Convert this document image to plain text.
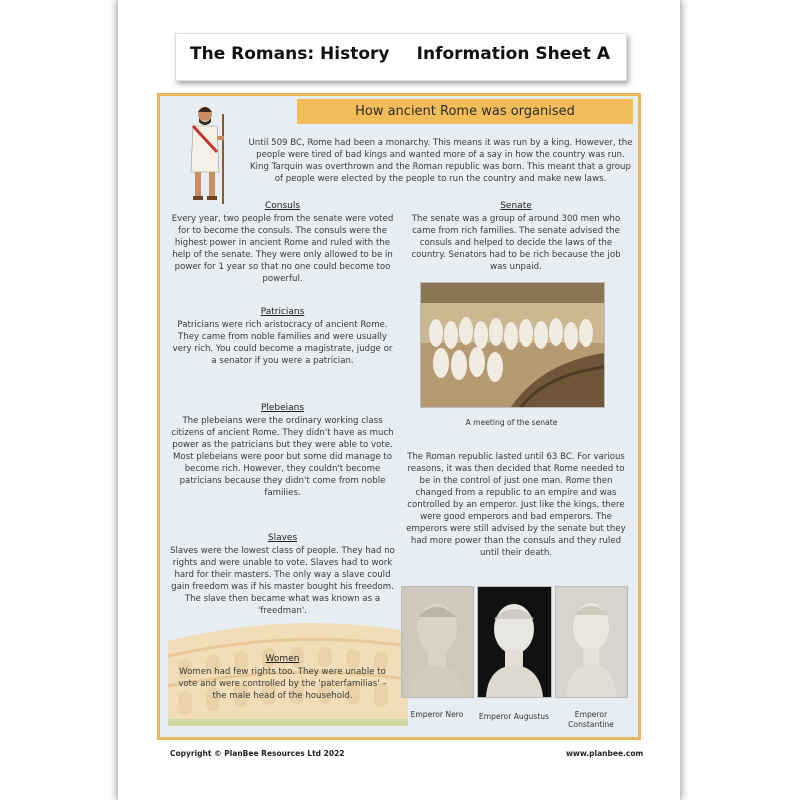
The Romans: History Information Sheet A
How ancient Rome was organised
Until 509 BC, Rome had been a monarchy. This means it was run by a king. However, the people were tired of bad kings and wanted more of a say in how the country was run. King Tarquin was overthrown and the Roman republic was born. This meant that a group of people were elected by the people to run the country and make new laws.
Consuls
Every year, two people from the senate were voted for to become the consuls. The consuls were the highest power in ancient Rome and ruled with the help of the senate. They were only allowed to be in power for 1 year so that no one could become too powerful.
Senate
The senate was a group of around 300 men who came from rich families. The senate advised the consuls and helped to decide the laws of the country. Senators had to be rich because the job was unpaid.
Patricians
Patricians were rich aristocracy of ancient Rome. They came from noble families and were usually very rich. You could become a magistrate, judge or a senator if you were a patrician.
A meeting of the senate
Plebeians
The plebeians were the ordinary working class citizens of ancient Rome. They didn't have as much power as the patricians but they were able to vote. Most plebeians were poor but some did manage to become rich. However, they couldn't become patricians because they didn't come from noble families.
The Roman republic lasted until 63 BC. For various reasons, it was then decided that Rome needed to be in the control of just one man. Rome then changed from a republic to an empire and was controlled by an emperor. Just like the kings, there were good emperors and bad emperors. The emperors were still advised by the senate but they had more power than the consuls and they ruled until their death.
Slaves
Slaves were the lowest class of people. They had no rights and were unable to vote. Slaves had to work hard for their masters. The only way a slave could gain freedom was if his master bought his freedom. The slave then became what was known as a 'freedman'.
Women
Women had few rights too. They were unable to vote and were controlled by the 'paterfamilias' – the male head of the household.
Emperor Nero	Emperor Augustus	Emperor Constantine
Copyright © PlanBee Resources Ltd 2022	www.planbee.com
